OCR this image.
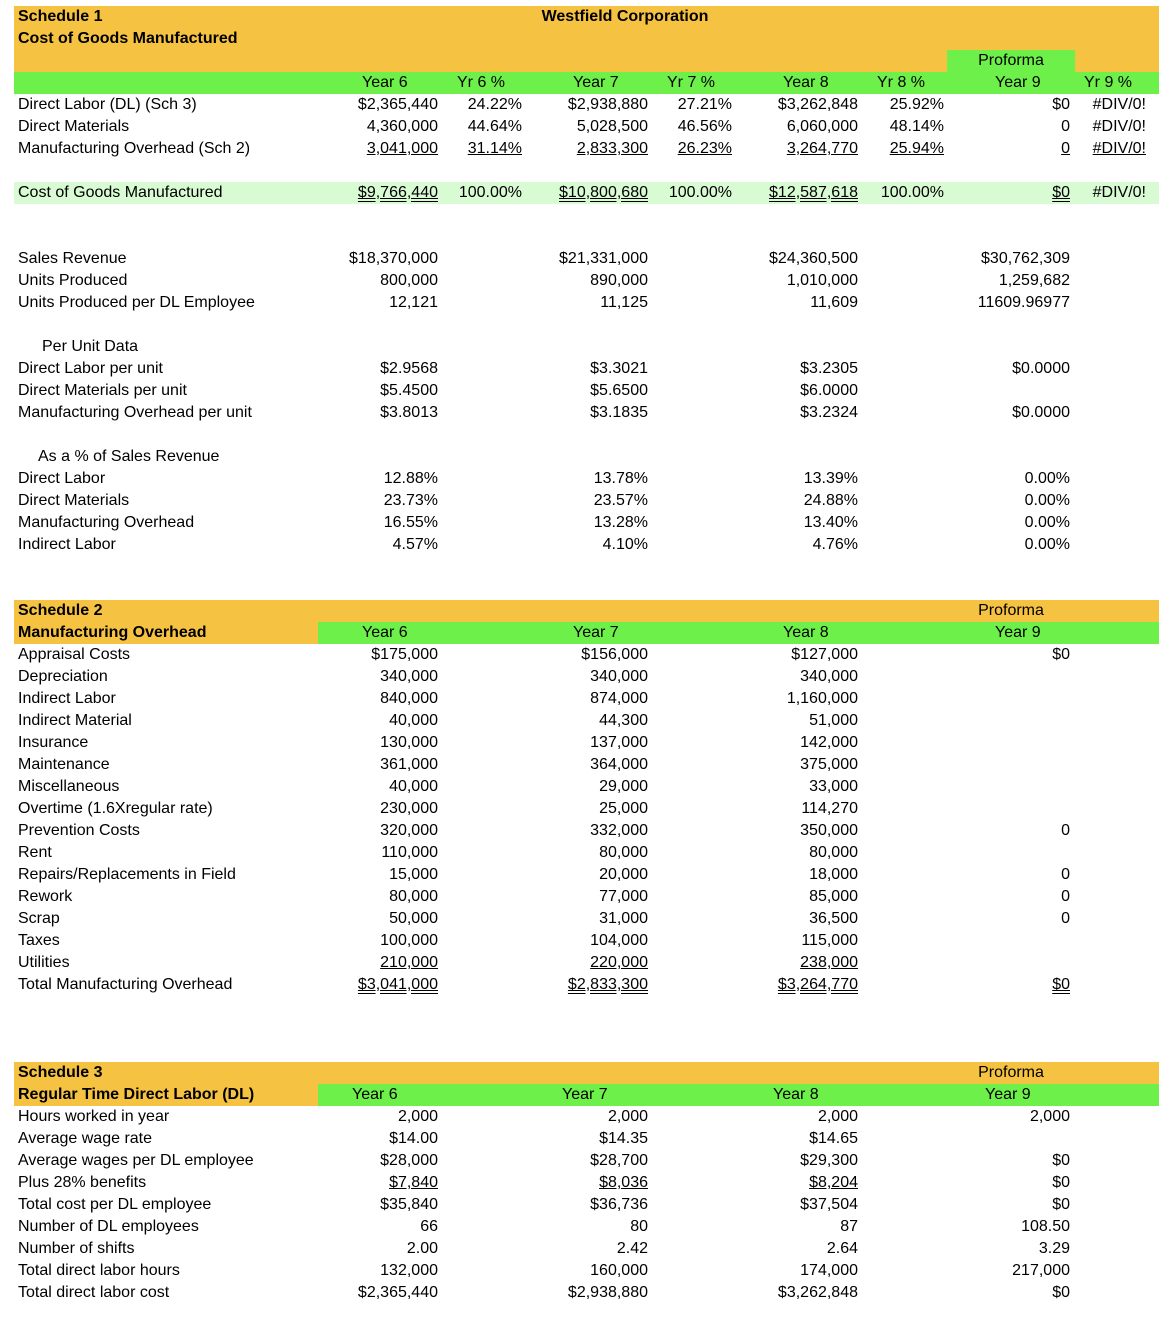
Schedule 1
Cost of Goods Manufactured
Westfield Corporation
Proforma
Schedule 2
Manufacturing Overhead
Proforma
Schedule 3
Regular Time Direct Labor (DL)
Proforma
Per Unit Data
As a % of Sales Revenue
Year 6	Yr 6 %	Year 7	Yr 7 %	Year 8	Yr 8 %	Year 9	Yr 9 %
Direct Labor (DL) (Sch 3)	$2,365,440	24.22%	$2,938,880	27.21%	$3,262,848	25.92%	$0	#DIV/0!
Direct Materials	4,360,000	44.64%	5,028,500	46.56%	6,060,000	48.14%	0	#DIV/0!
Manufacturing Overhead (Sch 2)	3,041,000	31.14%	2,833,300	26.23%	3,264,770	25.94%	0	#DIV/0!
Cost of Goods Manufactured	$9,766,440	100.00%	$10,800,680	100.00%	$12,587,618	100.00%	$0	#DIV/0!
Sales Revenue	$18,370,000	$21,331,000	$24,360,500	$30,762,309
Units Produced	800,000	890,000	1,010,000	1,259,682
Units Produced per DL Employee	12,121	11,125	11,609	11609.96977
Direct Labor per unit	$2.9568	$3.3021	$3.2305	$0.0000
Direct Materials per unit	$5.4500	$5.6500	$6.0000
Manufacturing Overhead per unit	$3.8013	$3.1835	$3.2324	$0.0000
Direct Labor	12.88%	13.78%	13.39%	0.00%
Direct Materials	23.73%	23.57%	24.88%	0.00%
Manufacturing Overhead	16.55%	13.28%	13.40%	0.00%
Indirect Labor	4.57%	4.10%	4.76%	0.00%
Year 6	Year 7	Year 8	Year 9
Appraisal Costs	$175,000	$156,000	$127,000	$0
Depreciation	340,000	340,000	340,000
Indirect Labor	840,000	874,000	1,160,000
Indirect Material	40,000	44,300	51,000
Insurance	130,000	137,000	142,000
Maintenance	361,000	364,000	375,000
Miscellaneous	40,000	29,000	33,000
Overtime (1.6Xregular rate)	230,000	25,000	114,270
Prevention Costs	320,000	332,000	350,000	0
Rent	110,000	80,000	80,000
Repairs/Replacements in Field	15,000	20,000	18,000	0
Rework	80,000	77,000	85,000	0
Scrap	50,000	31,000	36,500	0
Taxes	100,000	104,000	115,000
Utilities	210,000	220,000	238,000
Total Manufacturing Overhead	$3,041,000	$2,833,300	$3,264,770	$0
Year 6	Year 7	Year 8	Year 9
Hours worked in year	2,000	2,000	2,000	2,000
Average wage rate	$14.00	$14.35	$14.65
Average wages per DL employee	$28,000	$28,700	$29,300	$0
Plus 28% benefits	$7,840	$8,036	$8,204	$0
Total cost per DL employee	$35,840	$36,736	$37,504	$0
Number of DL employees	66	80	87	108.50
Number of shifts	2.00	2.42	2.64	3.29
Total direct labor hours	132,000	160,000	174,000	217,000
Total direct labor cost	$2,365,440	$2,938,880	$3,262,848	$0
